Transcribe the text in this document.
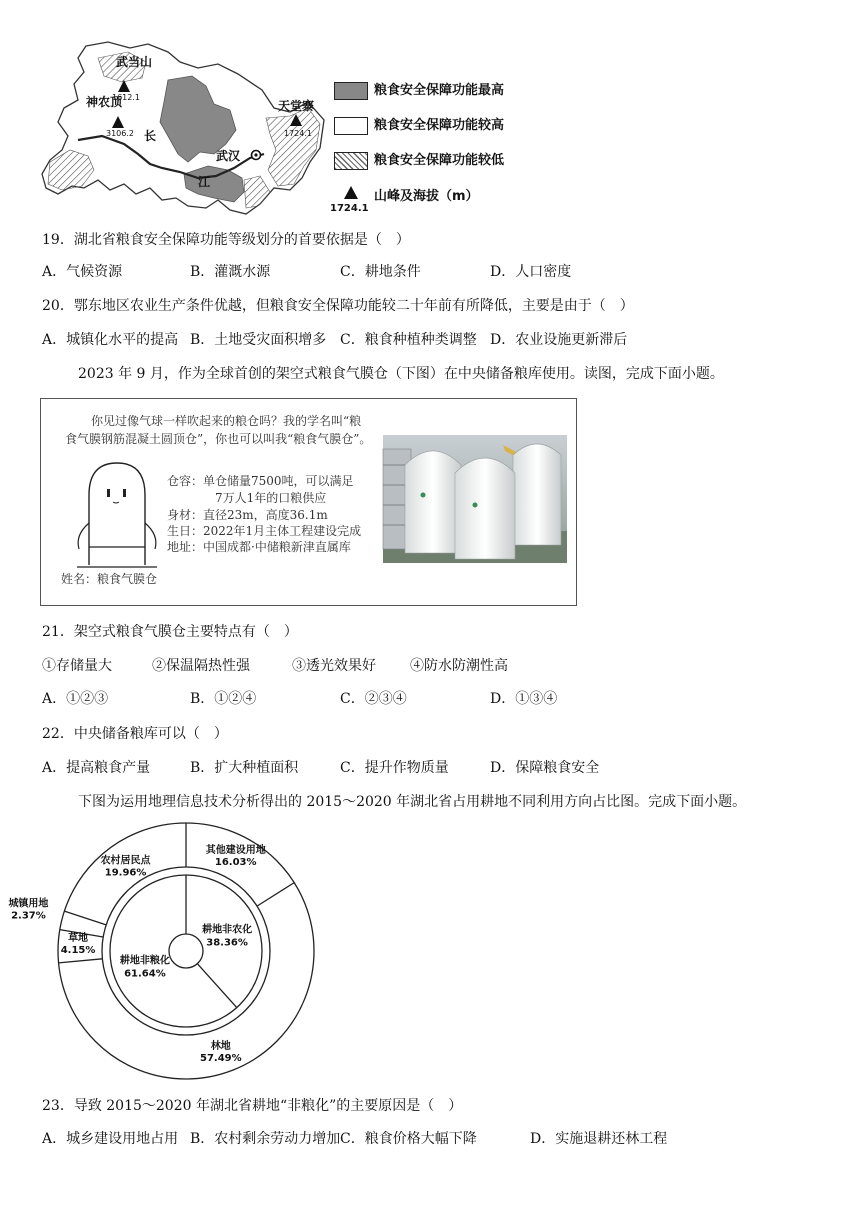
武当山
1612.1
神农顶
3106.2
天堂寨
1724.1
武汉
长
江
粮食安全保障功能最高
粮食安全保障功能较高
粮食安全保障功能较低
山峰及海拔（m）
1724.1
19．湖北省粮食安全保障功能等级划分的首要依据是（　）
A．气候资源	B．灌溉水源	C．耕地条件	D．人口密度
20．鄂东地区农业生产条件优越，但粮食安全保障功能较二十年前有所降低，主要是由于（　）
A．城镇化水平的提高 B．土地受灾面积增多 C．粮食种植种类调整 D．农业设施更新滞后
2023 年 9 月，作为全球首创的架空式粮食气膜仓（下图）在中央储备粮库使用。读图，完成下面小题。
你见过像气球一样吹起来的粮仓吗？我的学名叫“粮
食气膜钢筋混凝土圆顶仓”，你也可以叫我“粮食气膜仓”。
仓容：单仓储量7500吨，可以满足
7万人1年的口粮供应
身材：直径23m，高度36.1m
生日：2022年1月主体工程建设完成
地址：中国成都·中储粮新津直属库
姓名：粮食气膜仓
21．架空式粮食气膜仓主要特点有（　）
①存储量大	②保温隔热性强	③透光效果好 ④防水防潮性高
A．①②③	B．①②④	C．②③④	D．①③④
22．中央储备粮库可以（　）
A．提高粮食产量	B．扩大种植面积	C．提升作物质量	D．保障粮食安全
下图为运用地理信息技术分析得出的 2015～2020 年湖北省占用耕地不同利用方向占比图。完成下面小题。
其他建设用地
16.03%
林地
57.49%
草地
4.15%
城镇用地
2.37%
农村居民点
19.96%
耕地非农化
38.36%
耕地非粮化
61.64%
23．导致 2015～2020 年湖北省耕地“非粮化”的主要原因是（　）
A．城乡建设用地占用 B．农村剩余劳动力增加 C．粮食价格大幅下降	D．实施退耕还林工程
